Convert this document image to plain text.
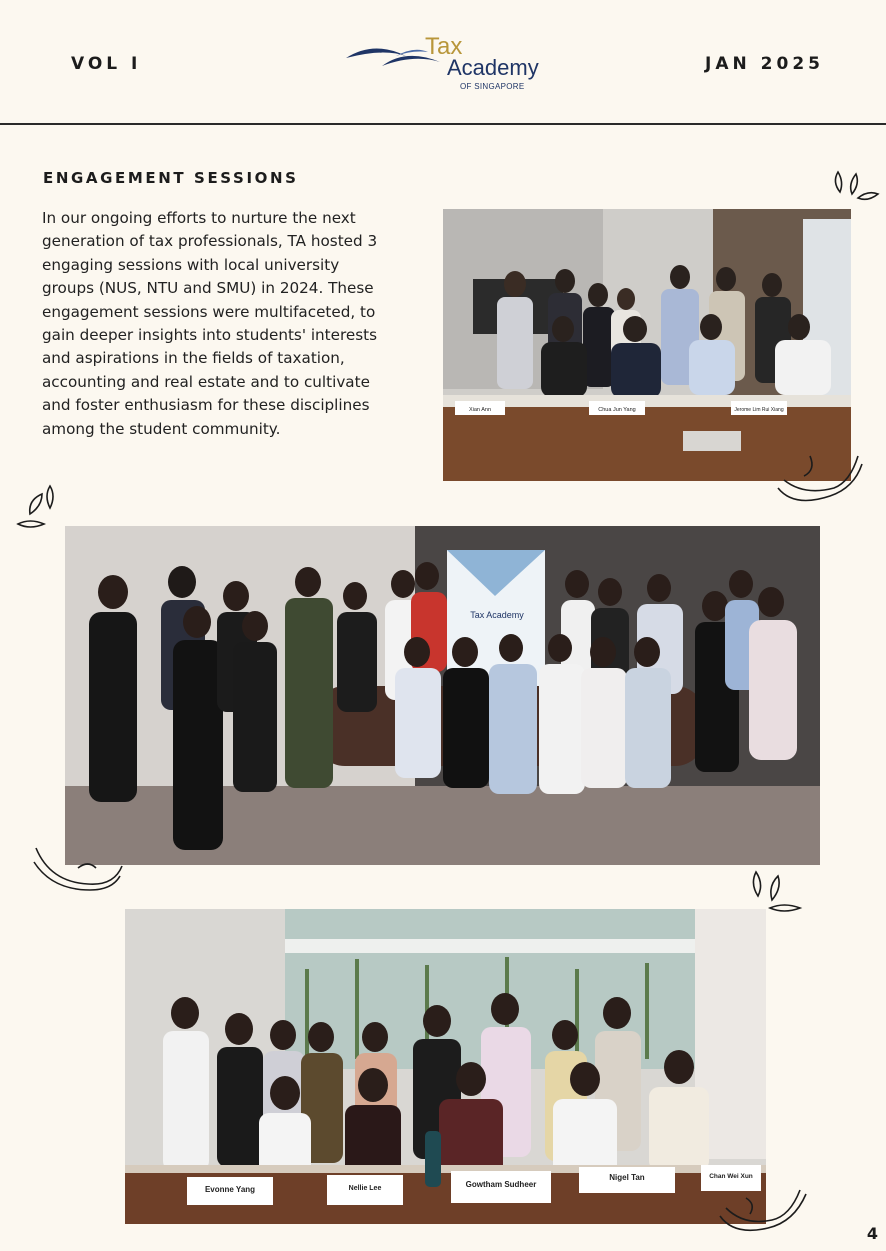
VOL I
Tax
Academy
OF SINGAPORE
JAN 2025
ENGAGEMENT SESSIONS
In our ongoing efforts to nurture the next generation of tax professionals, TA hosted 3 engaging sessions with local university groups (NUS, NTU and SMU) in 2024. These engagement sessions were multifaceted, to gain deeper insights into students' interests and aspirations in the fields of taxation, accounting and real estate and to cultivate and foster enthusiasm for these disciplines among the student community.
Xian Ann	Chua Jun Yang	Jerome Lim Rui Xiang
Tax Academy
Evonne Yang	Nellie Lee	Gowtham Sudheer
Nigel Tan	Chan Wei Xun
4
